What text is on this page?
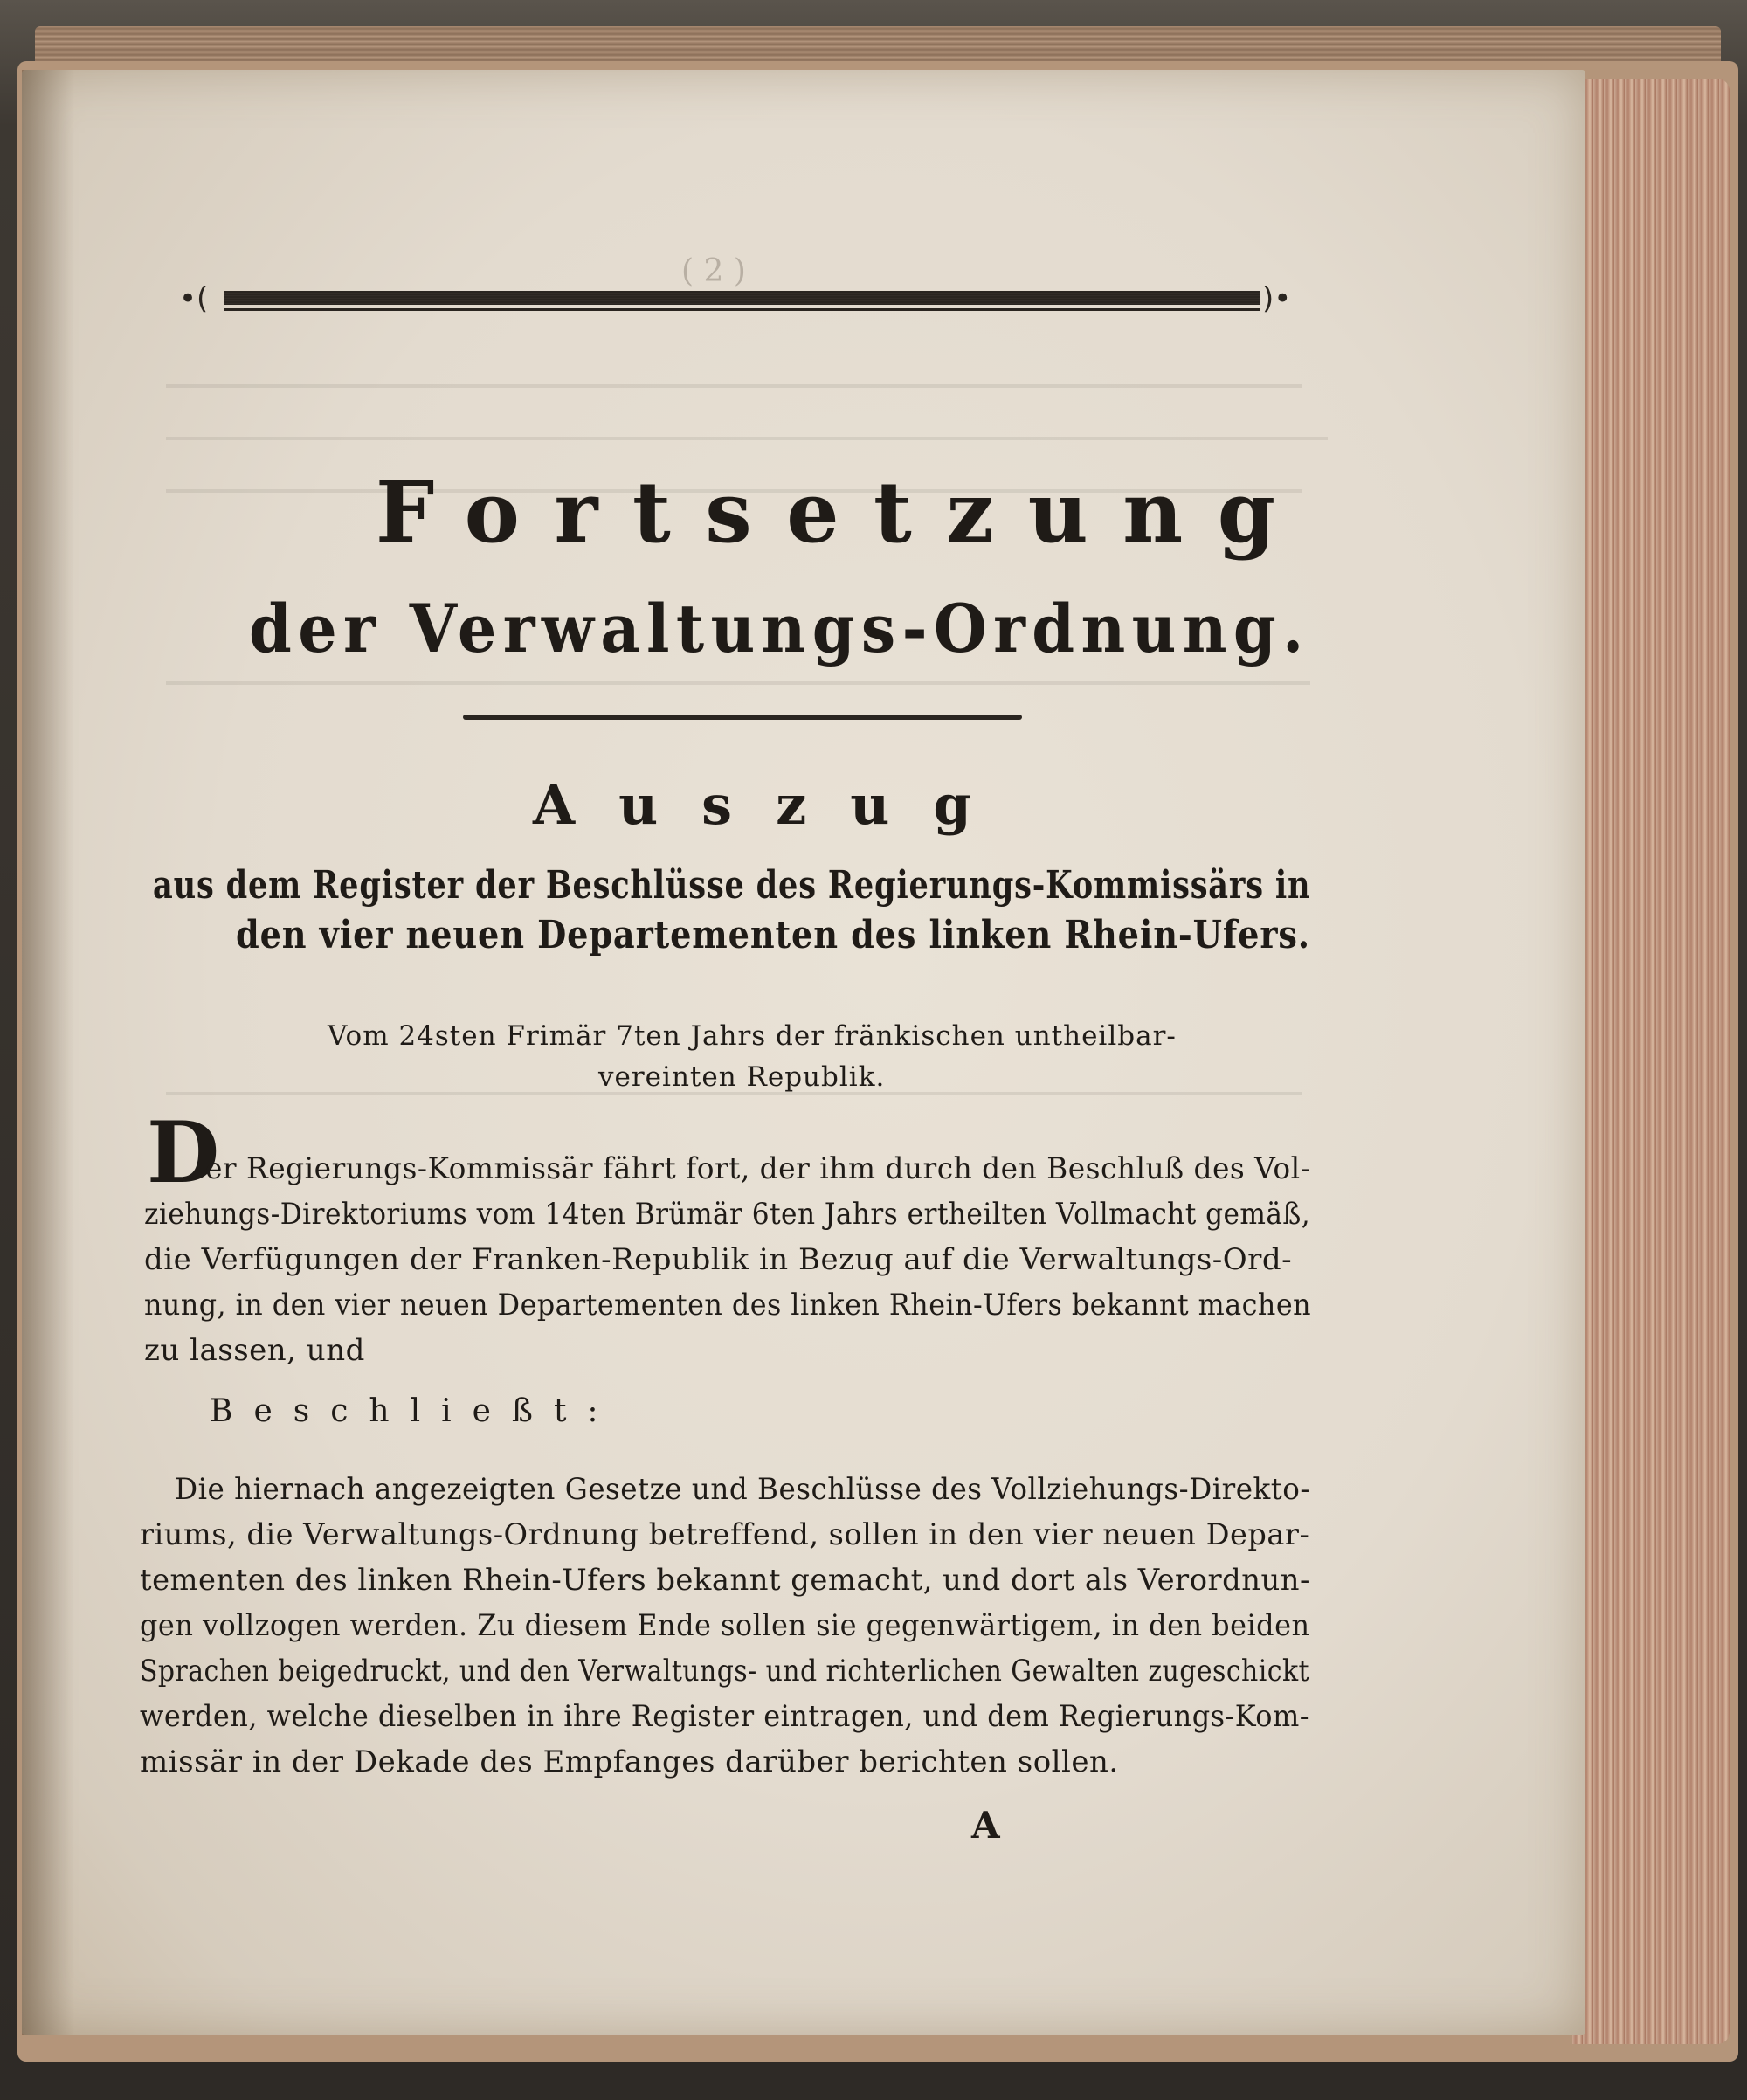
( 2 )
•(	)•
Fortsetzung
der Verwaltungs-Ordnung.
Auszug
aus dem Register der Beschlüsse des Regierungs-Kommissärs in
den vier neuen Departementen des linken Rhein-Ufers.
Vom 24sten Frimär 7ten Jahrs der fränkischen untheilbar-
vereinten Republik.
D
er Regierungs-Kommissär fährt fort, der ihm durch den Beschluß des Vol-
ziehungs-Direktoriums vom 14ten Brümär 6ten Jahrs ertheilten Vollmacht gemäß,
die Verfügungen der Franken-Republik in Bezug auf die Verwaltungs-Ord-
nung, in den vier neuen Departementen des linken Rhein-Ufers bekannt machen
zu lassen, und
Beschließt:
Die hiernach angezeigten Gesetze und Beschlüsse des Vollziehungs-Direkto-
riums, die Verwaltungs-Ordnung betreffend, sollen in den vier neuen Depar-
tementen des linken Rhein-Ufers bekannt gemacht, und dort als Verordnun-
gen vollzogen werden. Zu diesem Ende sollen sie gegenwärtigem, in den beiden
Sprachen beigedruckt, und den Verwaltungs- und richterlichen Gewalten zugeschickt
werden, welche dieselben in ihre Register eintragen, und dem Regierungs-Kom-
missär in der Dekade des Empfanges darüber berichten sollen.
A
